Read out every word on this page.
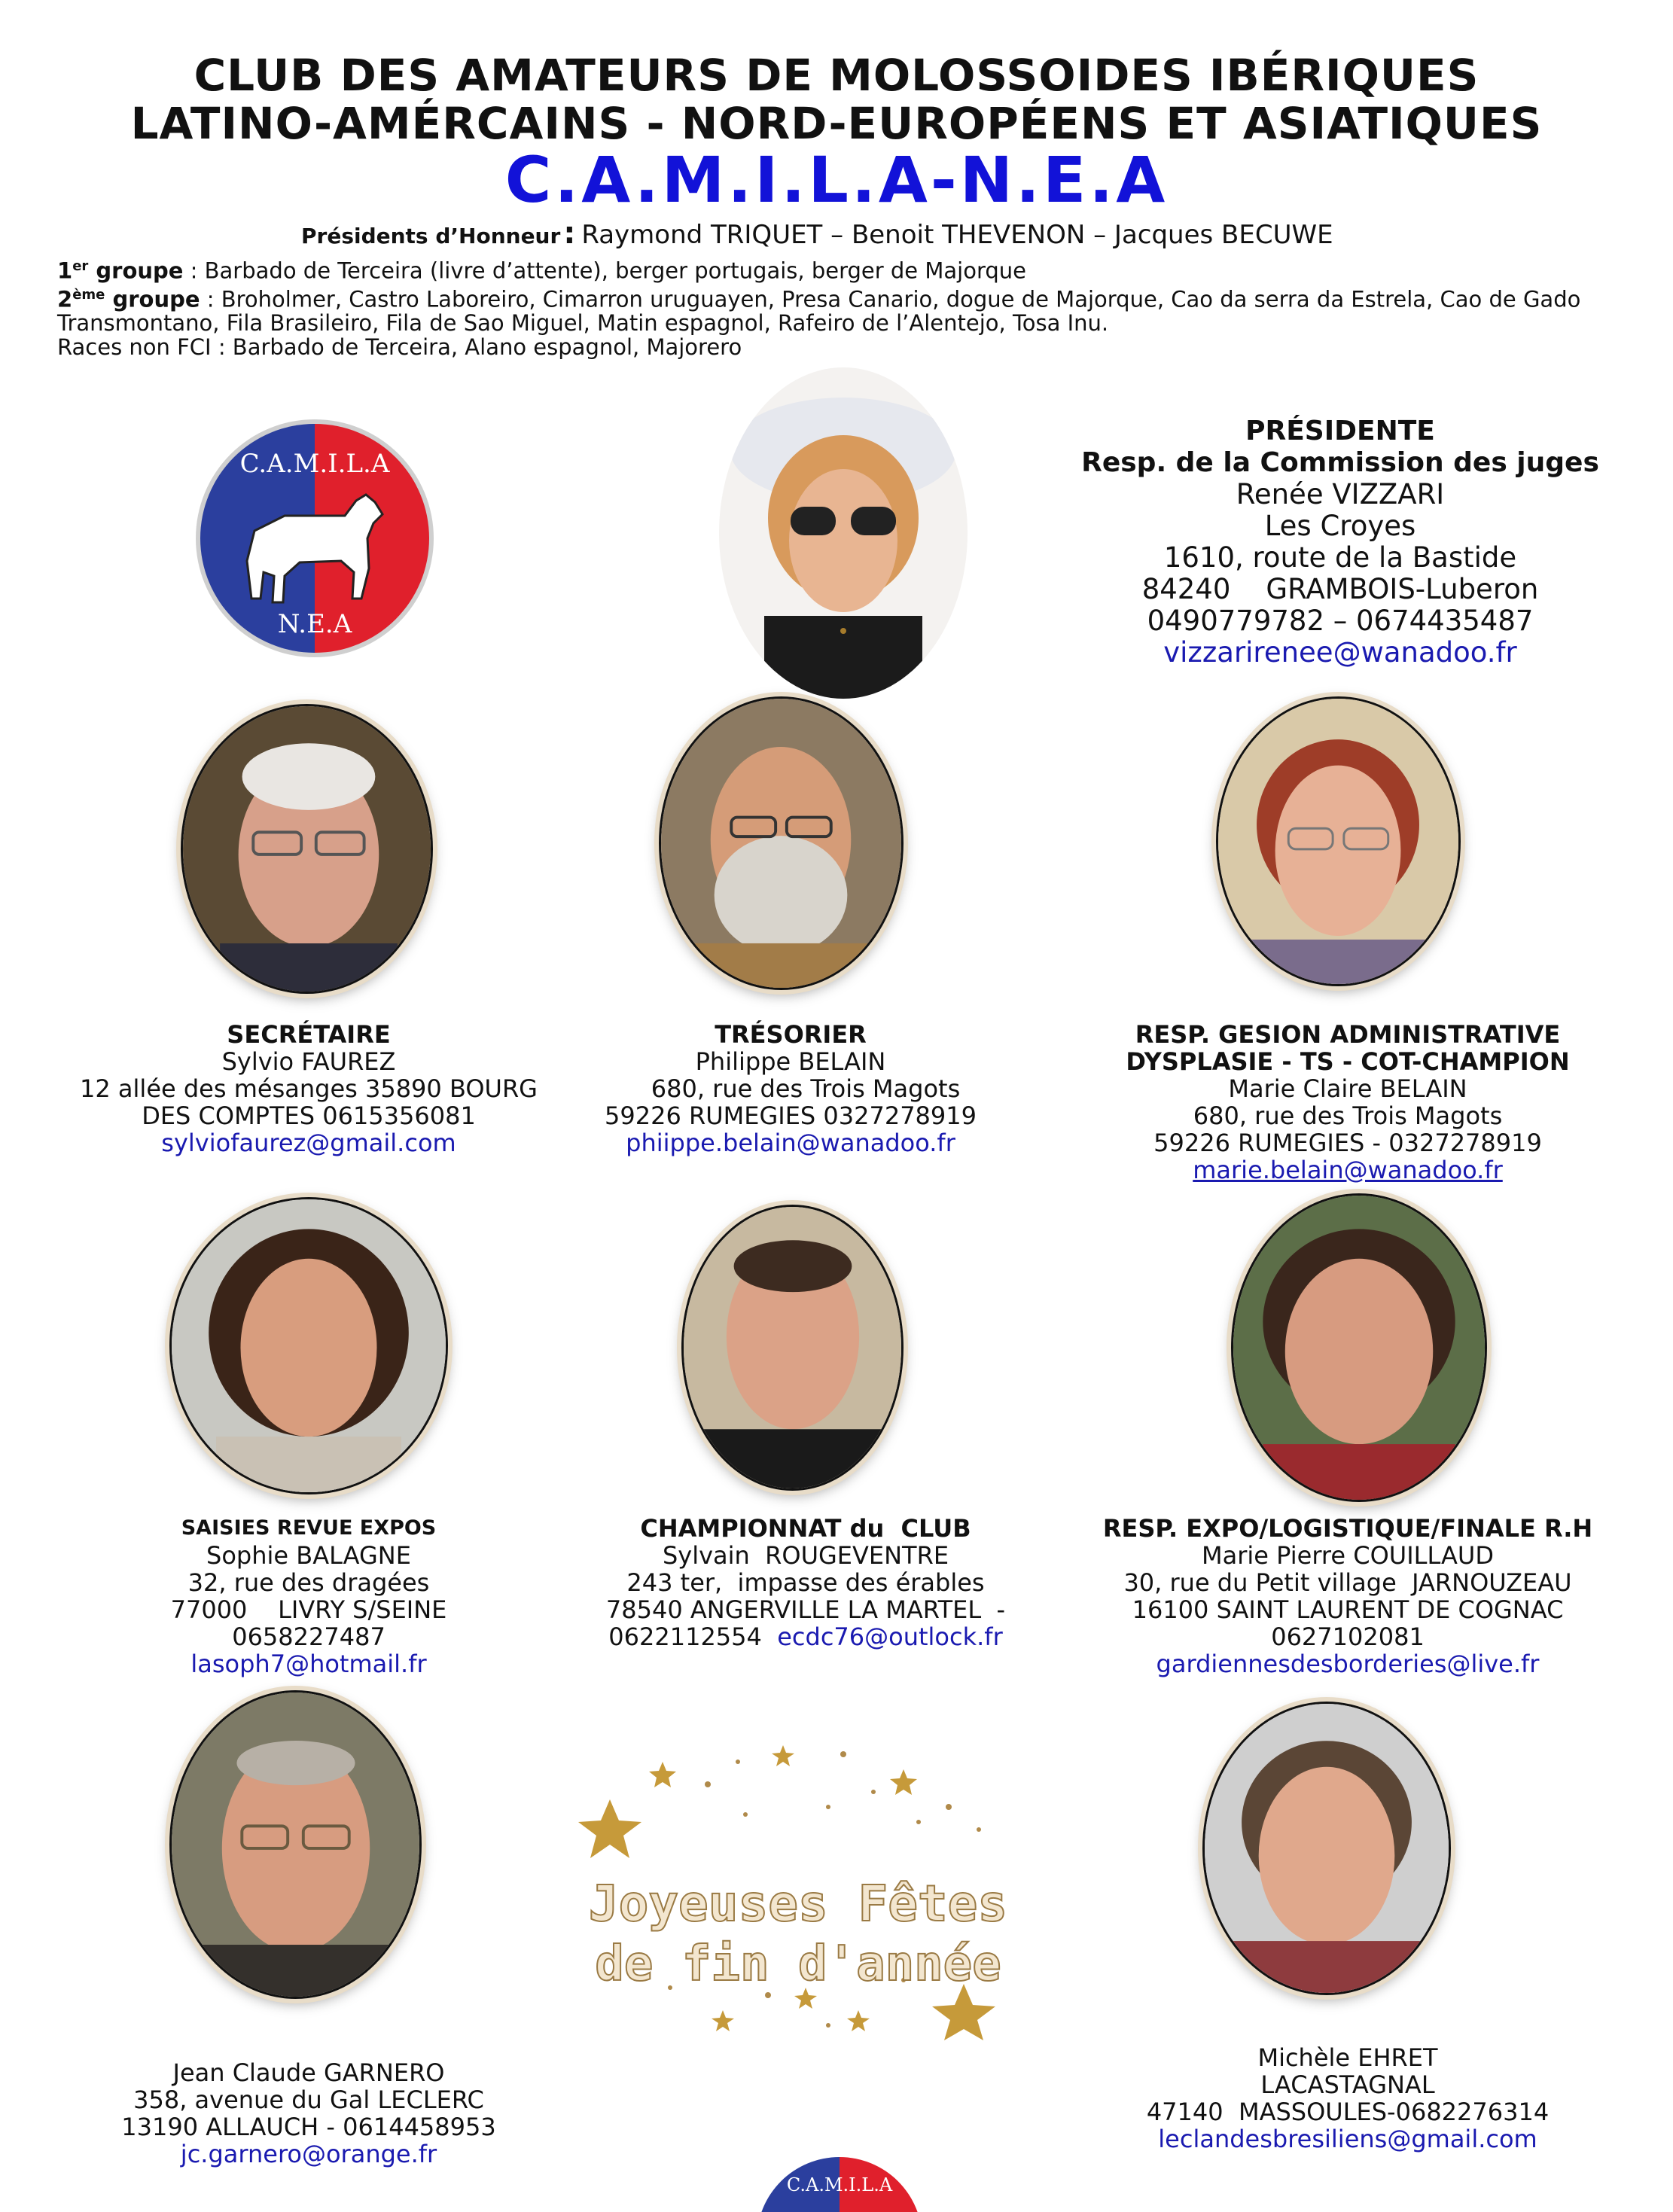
CLUB DES AMATEURS DE MOLOSSOIDES IBÉRIQUES
LATINO-AMÉRCAINS - NORD-EUROPÉENS ET ASIATIQUES
C.A.M.I.L.A-N.E.A
Présidents d’Honneur : Raymond TRIQUET – Benoit THEVENON – Jacques BECUWE
1er groupe : Barbado de Terceira (livre d’attente), berger portugais, berger de Majorque
2ème groupe : Broholmer, Castro Laboreiro, Cimarron uruguayen, Presa Canario, dogue de Majorque, Cao da serra da Estrela, Cao de Gado Transmontano, Fila Brasileiro, Fila de Sao Miguel, Matin espagnol, Rafeiro de l’Alentejo, Tosa Inu.
Races non FCI : Barbado de Terceira, Alano espagnol, Majorero
C.A.M.I.L.A
N.E.A
PRÉSIDENTE
Resp. de la Commission des juges
Renée VIZZARI
Les Croyes
1610, route de la Bastide
84240    GRAMBOIS-Luberon
0490779782 – 0674435487
vizzarirenee@wanadoo.fr
SECRÉTAIRE
Sylvio FAUREZ
12 allée des mésanges 35890 BOURG
DES COMPTES 0615356081
sylviofaurez@gmail.com
TRÉSORIER
Philippe BELAIN
680, rue des Trois Magots
59226 RUMEGIES 0327278919
phiippe.belain@wanadoo.fr
RESP. GESION ADMINISTRATIVE
DYSPLASIE - TS - COT-CHAMPION
Marie Claire BELAIN
680, rue des Trois Magots
59226 RUMEGIES - 0327278919
marie.belain@wanadoo.fr
SAISIES REVUE EXPOS
Sophie BALAGNE
32, rue des dragées
77000    LIVRY S/SEINE
0658227487
lasoph7@hotmail.fr
CHAMPIONNAT du  CLUB
Sylvain  ROUGEVENTRE
243 ter,  impasse des érables
78540 ANGERVILLE LA MARTEL  -
0622112554 ecdc76@outlock.fr
RESP. EXPO/LOGISTIQUE/FINALE R.H
Marie Pierre COUILLAUD
30, rue du Petit village  JARNOUZEAU
16100 SAINT LAURENT DE COGNAC
0627102081
gardiennesdesborderies@live.fr
Joyeuses Fêtes
de fin d'année
Jean Claude GARNERO
358, avenue du Gal LECLERC
13190 ALLAUCH - 0614458953
jc.garnero@orange.fr
Michèle EHRET
LACASTAGNAL
47140  MASSOULES-0682276314
leclandesbresiliens@gmail.com
C.A.M.I.L.A
